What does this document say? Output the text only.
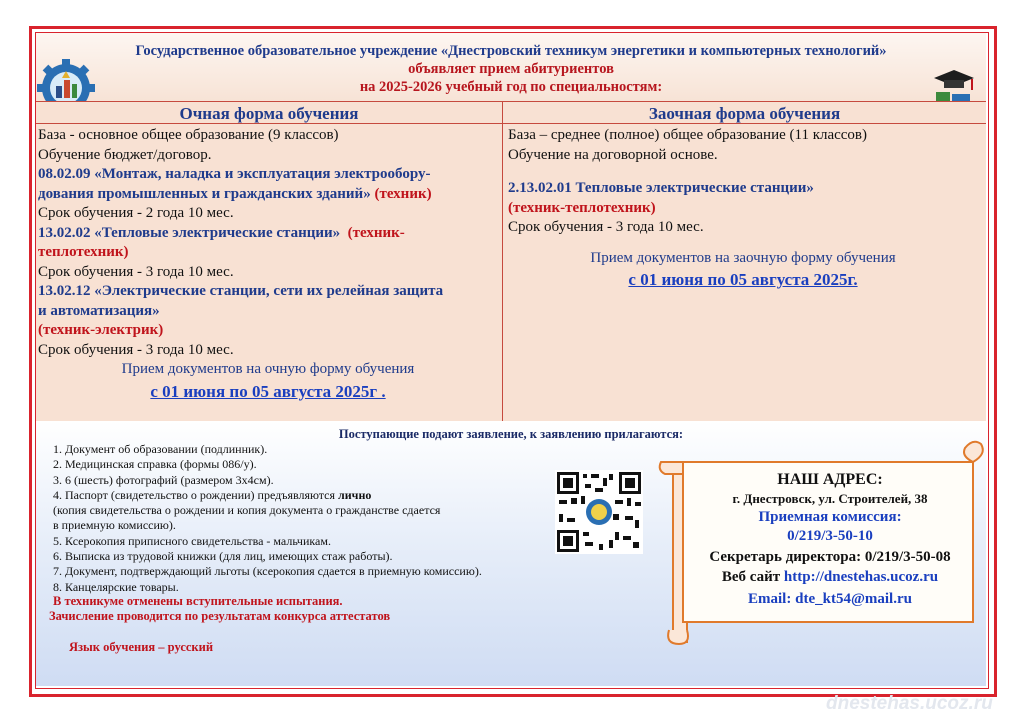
Государственное образовательное учреждение «Днестровский техникум энергетики и компьютерных технологий»
объявляет прием абитуриентов
на 2025-2026 учебный год по специальностям:
Очная форма обучения	Заочная форма обучения

База - основное общее образование (9 классов)

Обучение бюджет/договор.

08.02.09 «Монтаж, наладка и эксплуатация электрообору-

дования промышленных и гражданских зданий» (техник)

Срок обучения - 2 года 10 мес.

13.02.02 «Тепловые электрические станции» (техник-

теплотехник)

Срок обучения - 3 года 10 мес.

13.02.12 «Электрические станции, сети их релейная защита

и автоматизация»

(техник-электрик)

Срок обучения - 3 года 10 мес.

Прием документов на очную форму обучения

с 01 июня по 05 августа 2025г .

База – среднее (полное) общее образование (11 классов)

Обучение на договорной основе.

2.13.02.01 Тепловые электрические станции»

(техник-теплотехник)

Срок обучения - 3 года 10 мес.

Прием документов на заочную форму обучения

с 01 июня по 05 августа 2025г.

Поступающие подают заявление, к заявлению прилагаются:
1. Документ об образовании (подлинник).
2. Медицинская справка (формы 086/у).
3. 6 (шесть) фотографий (размером 3х4см).
4. Паспорт (свидетельство о рождении) предъявляются лично
(копия свидетельства о рождении и копия документа о гражданстве сдается
в приемную комиссию).
5. Ксерокопия приписного свидетельства - мальчикам.
6. Выписка из трудовой книжки (для лиц, имеющих стаж работы).
7. Документ, подтверждающий льготы (ксерокопия сдается в приемную комиссию).
8. Канцелярские товары.
В техникуме отменены вступительные испытания.
Зачисление проводится по результатам конкурса аттестатов
Язык обучения – русский
НАШ АДРЕС:
г. Днестровск, ул. Строителей, 38
Приемная комиссия:
0/219/3-50-10
Секретарь директора: 0/219/3-50-08
Веб сайт http://dnestehas.ucoz.ru
Email: dte_kt54@mail.ru
dnestehas.ucoz.ru
